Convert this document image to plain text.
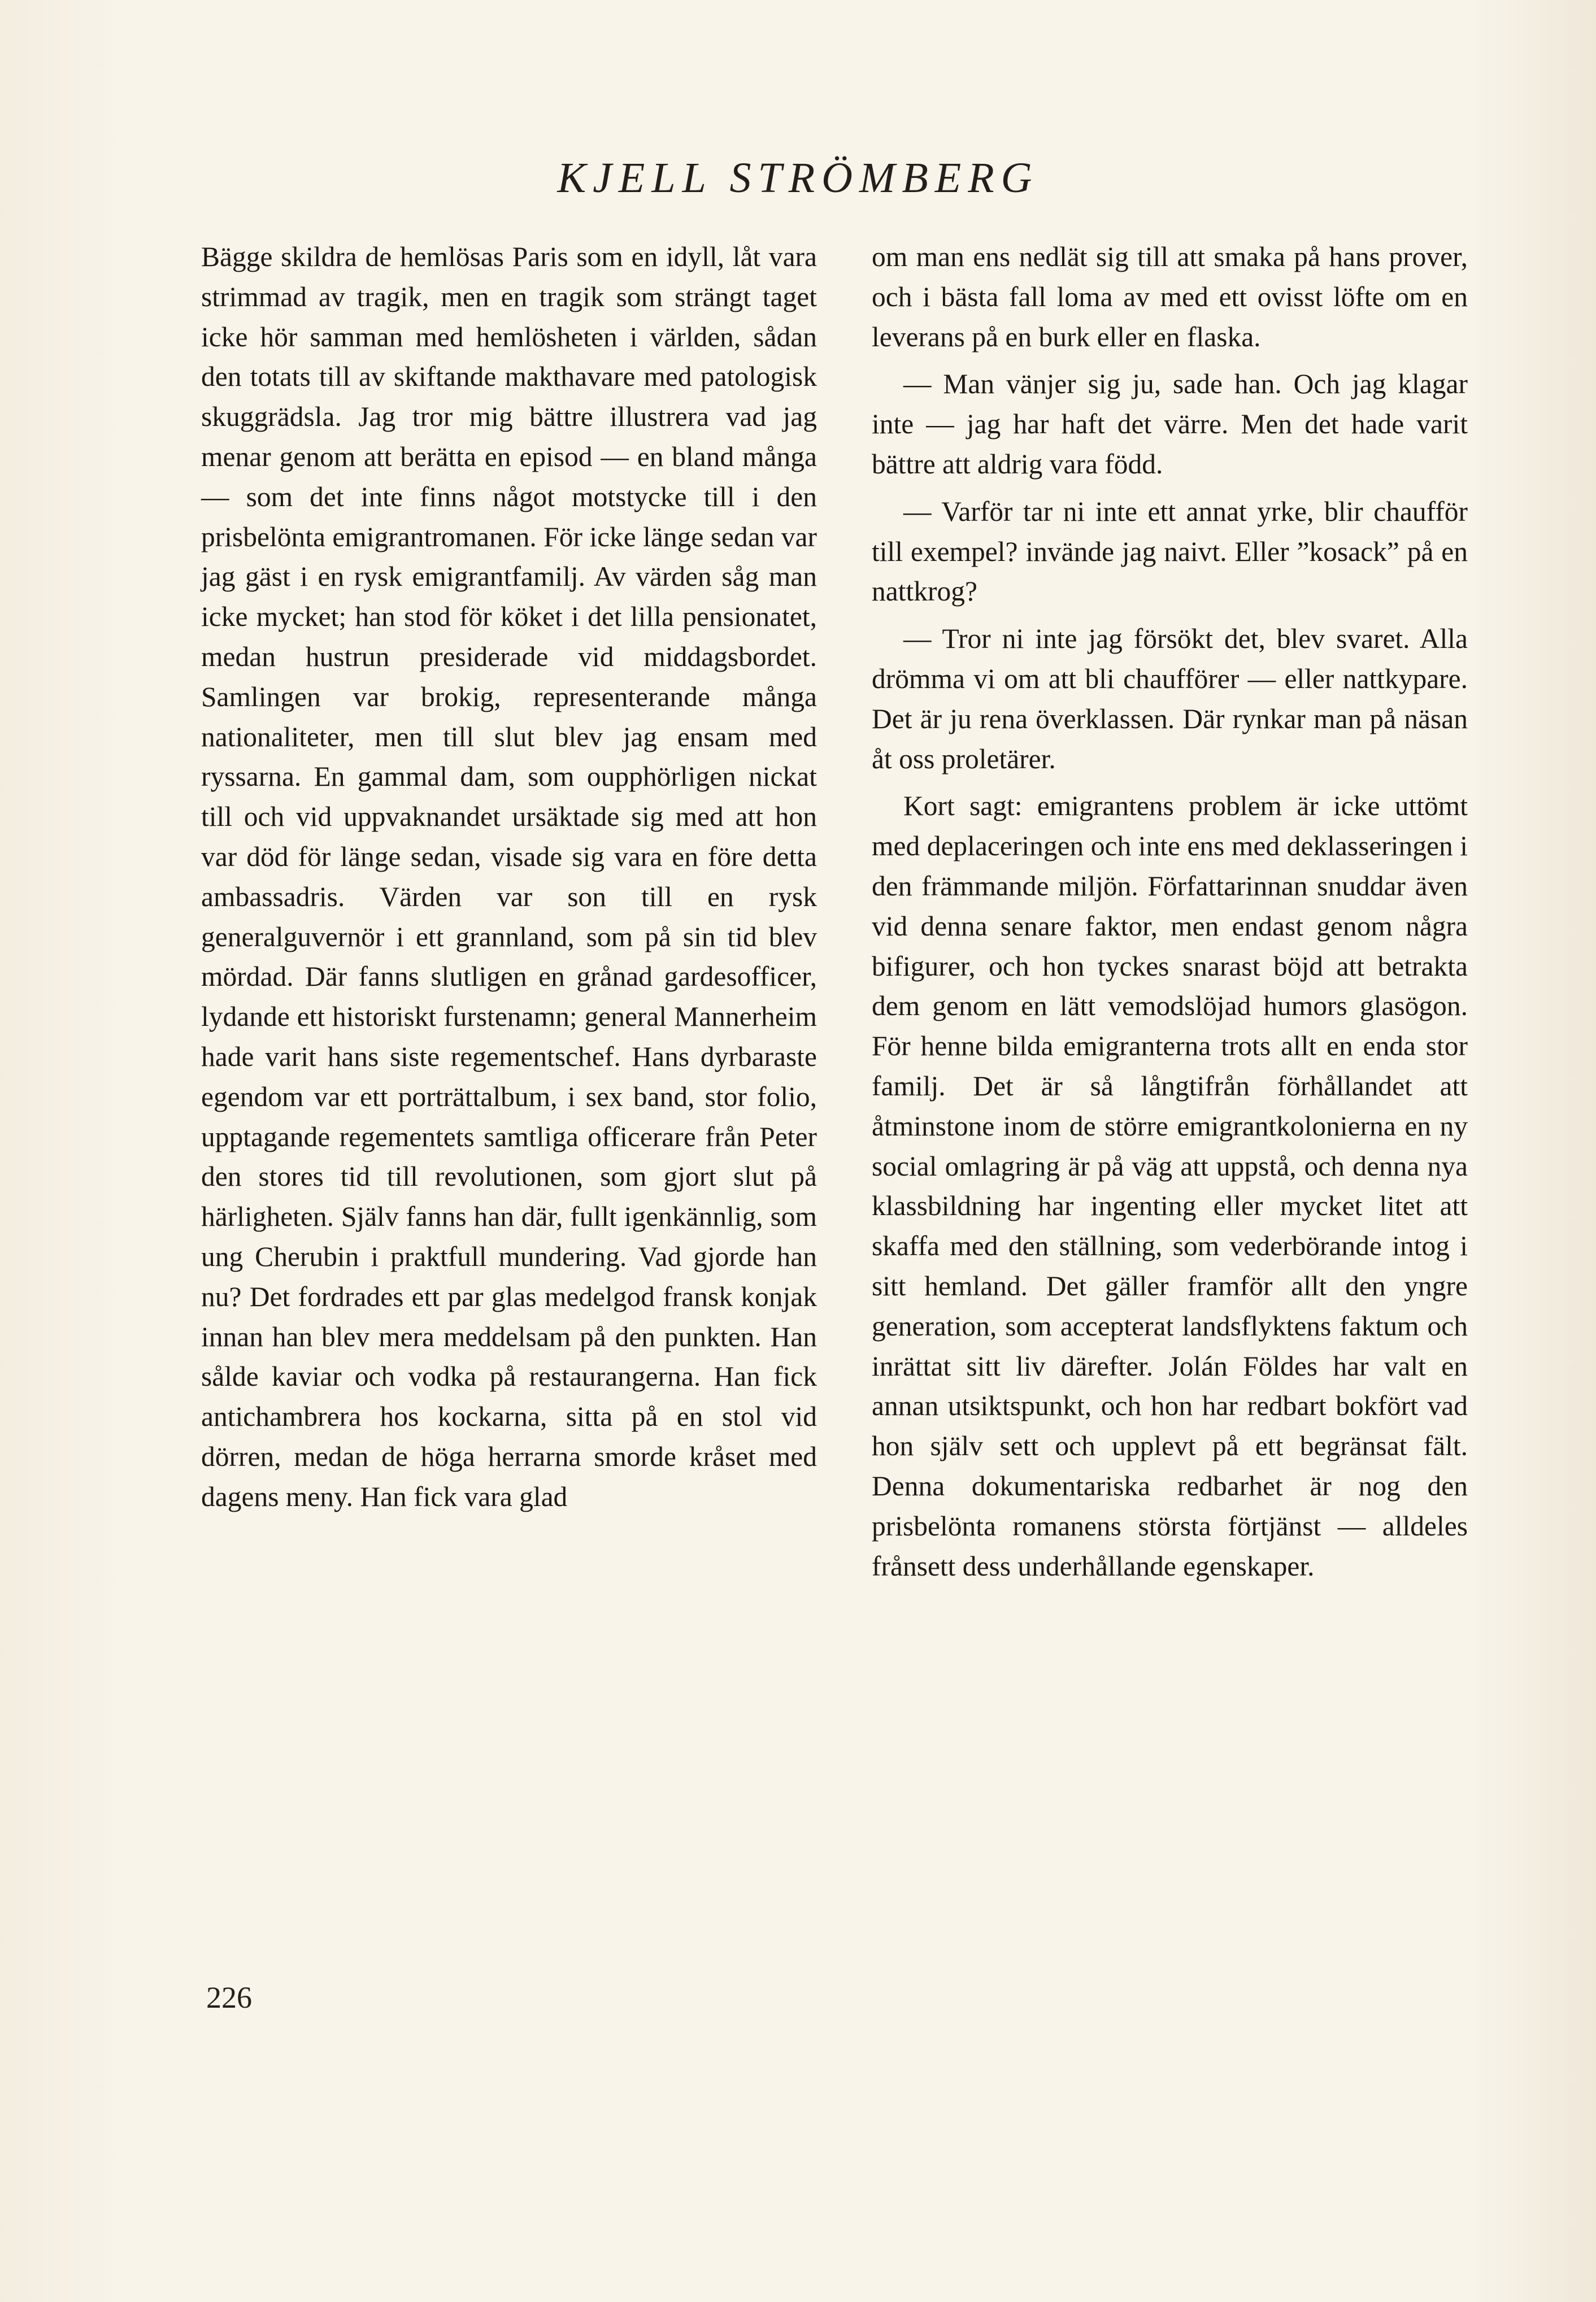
KJELL STRÖMBERG

Bägge skildra de hemlösas Paris som en idyll, låt vara strimmad av tragik, men en tragik som strängt taget icke hör samman med hemlösheten i världen, sådan den totats till av skiftande makthavare med patologisk skuggrädsla. Jag tror mig bättre illustrera vad jag menar genom att berätta en episod — en bland många — som det inte finns något motstycke till i den prisbelönta emigrantromanen. För icke länge sedan var jag gäst i en rysk emigrantfamilj. Av värden såg man icke mycket; han stod för köket i det lilla pensionatet, medan hustrun presiderade vid middagsbordet. Samlingen var brokig, representerande många nationaliteter, men till slut blev jag ensam med ryssarna. En gammal dam, som oupphörligen nickat till och vid uppvaknandet ursäktade sig med att hon var död för länge sedan, visade sig vara en före detta ambassadris. Värden var son till en rysk generalguvernör i ett grannland, som på sin tid blev mördad. Där fanns slutligen en grånad gardesofficer, lydande ett historiskt furstenamn; general Mannerheim hade varit hans siste regementschef. Hans dyrbaraste egendom var ett porträttalbum, i sex band, stor folio, upptagande regementets samtliga officerare från Peter den stores tid till revolutionen, som gjort slut på härligheten. Själv fanns han där, fullt igenkännlig, som ung Cherubin i praktfull mundering. Vad gjorde han nu? Det fordrades ett par glas medelgod fransk konjak innan han blev mera meddelsam på den punkten. Han sålde kaviar och vodka på restaurangerna. Han fick antichambrera hos kockarna, sitta på en stol vid dörren, medan de höga herrarna smorde kråset med dagens meny. Han fick vara glad

om man ens nedlät sig till att smaka på hans prover, och i bästa fall loma av med ett ovisst löfte om en leverans på en burk eller en flaska.

— Man vänjer sig ju, sade han. Och jag klagar inte — jag har haft det värre. Men det hade varit bättre att aldrig vara född.

— Varför tar ni inte ett annat yrke, blir chaufför till exempel? invände jag naivt. Eller ”kosack” på en nattkrog?

— Tror ni inte jag försökt det, blev svaret. Alla drömma vi om att bli chaufförer — eller nattkypare. Det är ju rena överklassen. Där rynkar man på näsan åt oss proletärer.

Kort sagt: emigrantens problem är icke uttömt med deplaceringen och inte ens med deklasseringen i den främmande miljön. Författarinnan snuddar även vid denna senare faktor, men endast genom några bifigurer, och hon tyckes snarast böjd att betrakta dem genom en lätt vemodslöjad humors glasögon. För henne bilda emigranterna trots allt en enda stor familj. Det är så långtifrån förhållandet att åtminstone inom de större emigrantkolonierna en ny social omlagring är på väg att uppstå, och denna nya klassbildning har ingenting eller mycket litet att skaffa med den ställning, som vederbörande intog i sitt hemland. Det gäller framför allt den yngre generation, som accepterat landsflyktens faktum och inrättat sitt liv därefter. Jolán Földes har valt en annan utsiktspunkt, och hon har redbart bokfört vad hon själv sett och upplevt på ett begränsat fält. Denna dokumentariska redbarhet är nog den prisbelönta romanens största förtjänst — alldeles frånsett dess underhållande egenskaper.

226
